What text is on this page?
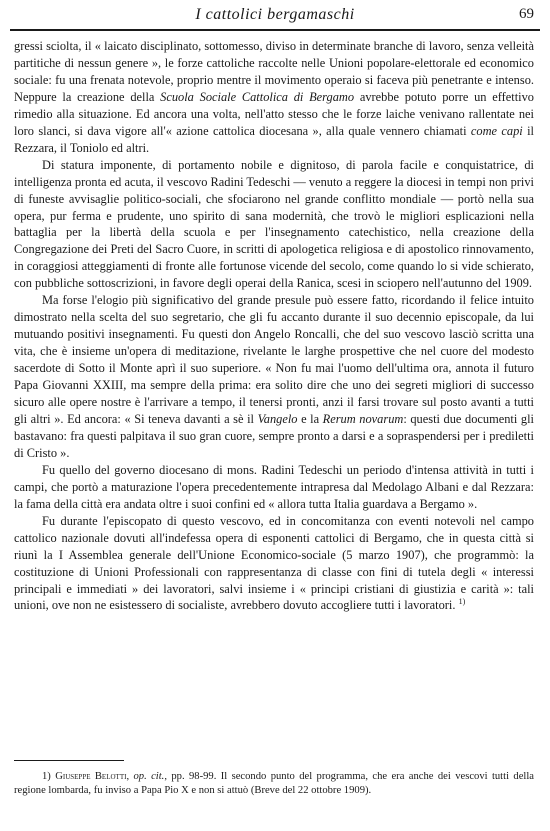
I cattolici bergamaschi	69

gressi scioltа, il « laicato disciplinato, sottomesso, diviso in determinate branche di lavoro, senza velleità partitiche di nessun genere », le forze cattoliche raccolte nelle Unioni popolare-elettorale ed economico sociale: fu una frenata notevole, proprio mentre il movimento operaio si faceva più penetrante e intenso. Neppure la creazione della Scuola Sociale Cattolica di Bergamo avrebbe potuto porre un effettivo rimedio alla situazione. Ed ancora una volta, nell'atto stesso che le forze laiche venivano rallentate nei loro slanci, si dava vigore all'« azione cattolica diocesana », alla quale vennero chiamati come capi il Rezzara, il Toniolo ed altri.

Di statura imponente, di portamento nobile e dignitoso, di parola facile e conquistatrice, di intelligenza pronta ed acuta, il vescovo Radini Tedeschi — venuto a reggere la diocesi in tempi non privi di funeste avvisaglie politico-sociali, che sfociarono nel grande conflitto mondiale — portò nella sua opera, pur ferma e prudente, uno spirito di sana modernità, che trovò le migliori esplicazioni nella battaglia per la libertà della scuola e per l'insegnamento catechistico, nella creazione della Congregazione dei Preti del Sacro Cuore, in scritti di apologetica religiosa e di apostolico rinnovamento, in coraggiosi atteggiamenti di fronte alle fortunose vicende del secolo, come quando lo si vide schierato, con pubbliche sottoscrizioni, in favore degli operai della Ranica, scesi in sciopero nell'autunno del 1909.

Ma forse l'elogio più significativo del grande presule può essere fatto, ricordando il felice intuito dimostrato nella scelta del suo segretario, che gli fu accanto durante il suo decennio episcopale, da lui mutuando positivi insegnamenti. Fu questi don Angelo Roncalli, che del suo vescovo lasciò scritta una vita, che è insieme un'opera di meditazione, rivelante le larghe prospettive che nel cuore del modesto sacerdote di Sotto il Monte aprì il suo superiore. « Non fu mai l'uomo dell'ultima ora, annota il futuro Papa Giovanni XXIII, ma sempre della prima: era solito dire che uno dei segreti migliori di successo sicuro alle opere nostre è l'arrivare a tempo, il tenersi pronti, anzi il farsi trovare sul posto avanti a tutti gli altri ». Ed ancora: « Si teneva davanti a sè il Vangelo e la Rerum novarum: questi due documenti gli bastavano: fra questi palpitava il suo gran cuore, sempre pronto a darsi e a sopraspendersi per i prediletti di Cristo ».

Fu quello del governo diocesano di mons. Radini Tedeschi un periodo d'intensa attività in tutti i campi, che portò a maturazione l'opera precedentemente intrapresa dal Medolago Albani e dal Rezzara: la fama della città era andata oltre i suoi confini ed « allora tutta Italia guardava a Bergamo ».

Fu durante l'episcopato di questo vescovo, ed in concomitanza con eventi notevoli nel campo cattolico nazionale dovuti all'indefessa opera di esponenti cattolici di Bergamo, che in questa città si riunì la I Assemblea generale dell'Unione Economico-sociale (5 marzo 1907), che programmò: la costituzione di Unioni Professionali con rappresentanza di classe con fini di tutela degli « interessi principali e immediati » dei lavoratori, salvi insieme i « principi cristiani di giustizia e carità »: tali unioni, ove non ne esistessero di socialiste, avrebbero dovuto accogliere tutti i lavoratori. $^{1)}$

1) Giuseppe Belotti, op. cit., pp. 98-99. Il secondo punto del programma, che era anche dei vescovi tutti della regione lombarda, fu inviso a Papa Pio X e non si attuò (Breve del 22 ottobre 1909).
